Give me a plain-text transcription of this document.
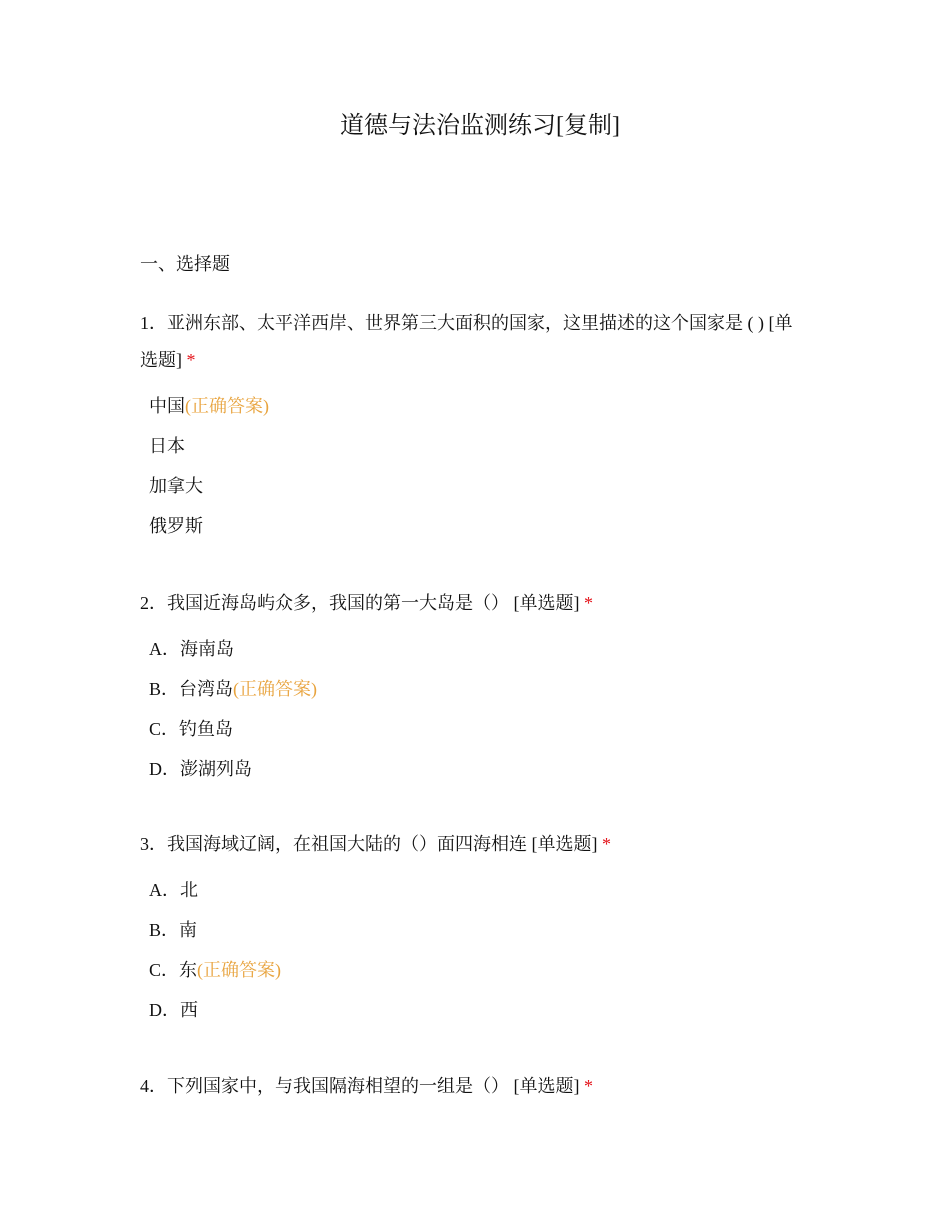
道德与法治监测练习[复制]
一、选择题
1．亚洲东部、太平洋西岸、世界第三大面积的国家，这里描述的这个国家是 ( ) [单选题] *
中国(正确答案)
日本
加拿大
俄罗斯
2．我国近海岛屿众多，我国的第一大岛是（） [单选题] *
A．海南岛
B．台湾岛(正确答案)
C．钓鱼岛
D．澎湖列岛
3．我国海域辽阔，在祖国大陆的（）面四海相连 [单选题] *
A．北
B．南
C．东(正确答案)
D．西
4．下列国家中，与我国隔海相望的一组是（） [单选题] *
